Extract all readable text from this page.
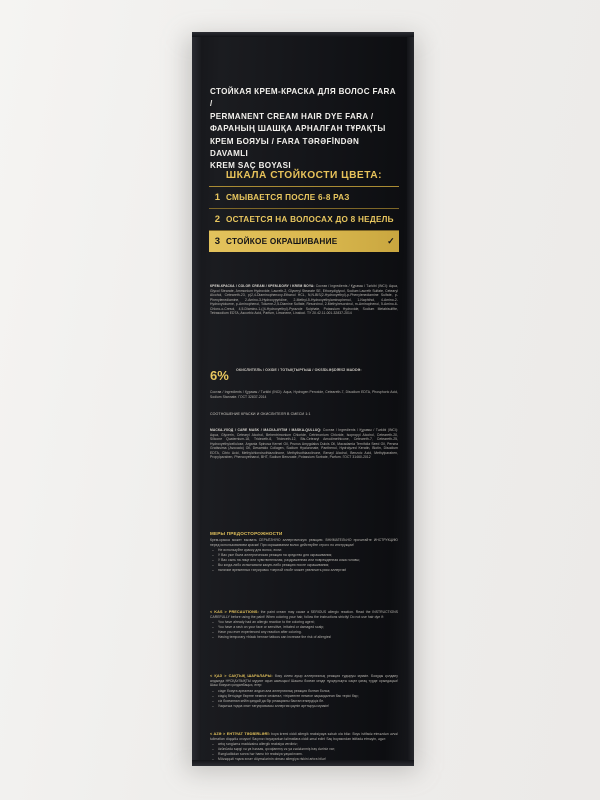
СТОЙКАЯ КРЕМ-КРАСКА ДЛЯ ВОЛОС FARA /
PERMANENT CREAM HAIR DYE FARA /
ФАРАНЫҢ ШАШҚА АРНАЛҒАН ТҰРАҚТЫ
КРЕМ БОЯУЫ / FARA TƏRƏFİNDƏN DAVAMLI
KREM SAÇ BOYASI
ШКАЛА СТОЙКОСТИ ЦВЕТА:
1 СМЫВАЕТСЯ ПОСЛЕ 6-8 РАЗ
2 ОСТАЕТСЯ НА ВОЛОСАХ ДО 8 НЕДЕЛЬ
3 СТОЙКОЕ ОКРАШИВАНИЕ	✓
КРЕМ-КРАСКА / COLOR CREAM / КРЕМ-БОЯУ / KREM BOYA: Состав / Ingredients / Құрамы / Tərkibi (INCI): Aqua, Glycol Stearate, Ammonium Hydroxide, Laureth-2, Glyceryl Stearate SE, Ethoxydiglycol, Sodium Laureth Sulfate, Cetearyl Alcohol, Ceteareth-23, p(2,4-Diaminophenoxy-Ethanol HCL, N,N-BIS(2-Hydroxyethyl)-p-Phenylenediamine Sulfate, p-Phenylenediamine, 2-Amino-3-Hydroxypyridine, 2-Methyl-5-Hydroxyethylaminophenol, 1-Naphthol, 4-Amino-2-Hydroxytoluene, p-Aminophenol, Toluene-2,5-Diamine Sulfate, Resorcinol, 2-Methylresorcinol, m-Aminophenol, 5-Amino-6-Chloro-o-Cresol, 4,5-Diamino-1-((4-Hydroxyethyl)-Pyrazole Sulphate, Potassium Hydroxide, Sodium Metabisulfite, Tetrasodium EDTA, Ascorbic Acid, Parfum, Limonene, Linalool. ТУ 20.42.11-001-32837-2014
6%	ОКИСЛИТЕЛЬ / OXIDE / ТОТЫҚТЫРҒЫШ / OKSİDLƏŞDİRİCİ MADDƏ:
Состав / Ingredients / Құрамы / Tərkibi (INCI): Aqua, Hydrogen Peroxide, Ceteareth-7, Disodium EDTA, Phosphoric Acid, Sodium Stannate. ГОСТ 32837-2014
СООТНОШЕНИЕ КРАСКИ И ОКИСЛИТЕЛЯ В СМЕСИ 1:1
МАСКА-УХОД / CARE MASK / МАСКА-КҮТІМ / MASKA-QULLUQ: Состав / Ingredients / Құрамы / Tərkibi (INCI): Aqua, Glycerin, Cetearyl Alcohol, Behentrimonium Chloride, Cetrimonium Chloride, Isopropyl Alcohol, Ceteareth-20, Silicone Quaternium-18, Trideceth-6, Trideceth-12, Bis-Cetearyl Amodimethicone, Ceteareth-7, Ceteareth-25, Hydroxyethylcellulose, Argania Spinosa Kernel Oil, Prunus Amygdalus Dulcis Oil, Macadamia Ternifolia Seed Oil, Persea Gratissima (Avocado) Oil, Desamido Collagen, Sodium Hyaluronate, Panthenol, Hydrolyzed Keratin, Biotin, Disodium EDTA, Citric Acid, Methylchloroisothiazolinone, Methylisothiazolinone, Benzyl Alcohol, Benzoic Acid, Methylparaben, Propylparaben, Phenoxyethanol, BHT, Sodium Benzoate, Potassium Sorbate, Parfum. ГОСТ 31460-2012
МЕРЫ ПРЕДОСТОРОЖНОСТИ
Крем-краска может вызвать СЕРЬЁЗНУЮ аллергическую реакцию. ВНИМАТЕЛЬНО прочитайте ИНСТРУКЦИЮ перед использованием краски! При окрашивании волос действуйте строго по инструкции!
– Не используйте краску для волос, если:
– У Вас уже была аллергическая реакция на средство для окрашивания;
– У Вас сыпь на лице или чувствительная, раздраженная или поврежденная кожа головы;
– Вы когда-либо испытывали какую-либо реакцию после окрашивания;
– наличие временных татуировок «черной хной» может увеличить риск аллергии!
< KAS > PRECAUTIONS: the paint cream may cause a SERIOUS allergic reaction. Read the INSTRUCTIONS CAREFULLY before using the paint! When coloring your hair, follow the instructions strictly! Do not use hair dye if:
– You have already had an allergic reaction to the coloring agent;
– You have a rash on your face or sensitive, irritated or damaged scalp;
– Have you ever experienced any reaction after coloring.
– Having temporary «black henna» tattoos can increase the risk of allergies!
< ҚАЗ > САҚТЫҚ ШАРАЛАРЫ: бояу кілем ауыр аллергиялық реакция тудыруы мүмкін. Бояуды қолдану алдында НҰСҚАУЛЫҚТЫ мұқият оқып шығыңыз! Шашты бояған кезде нұсқаулықты сақат қатаң түрде орындаңыз! Шаш бояуын қолданбаңыз, егер:
– сізде бояуға арналған алдын ала аллергиялық реакция болған болса;
– сіздің бетіңізде бөртпе немесе сезімтал, тітіркенген немесе зақымдалған бас терісі бар;
– сіз бояғаннан кейін қандай да бір реакцияны бастан өткердіңіз бе.
– Уақытша «қара хна» татуировкасы аллергия қаупін арттыруы мүмкін!
< AZƏ > EHTİYAT TƏDBİRLƏRİ: boya kremi ciddi allergik reaksiyaya səbəb ola bilər. Boyu istifadə etməzdən əvvəl təlimatları diqqətlə oxuyun! Saçınızı boyayarkən təlimatlara ciddi əməl edin! Saç boyasından istifadə etməyin, əgər:
– artıq rəngləmə maddəsinə allergik reaksiya verdiniz;
– üzünüzdə səpgi və ya həssas, qıcıqlanmış və ya zədələnmiş baş dəriniz var;
– Rənglədikdən sonra hər hansı bir reaksiya yaşadınızmı.
– Müvəqqəti «qara xına» döymələrinin olması allergiya riskini artıra bilər!
